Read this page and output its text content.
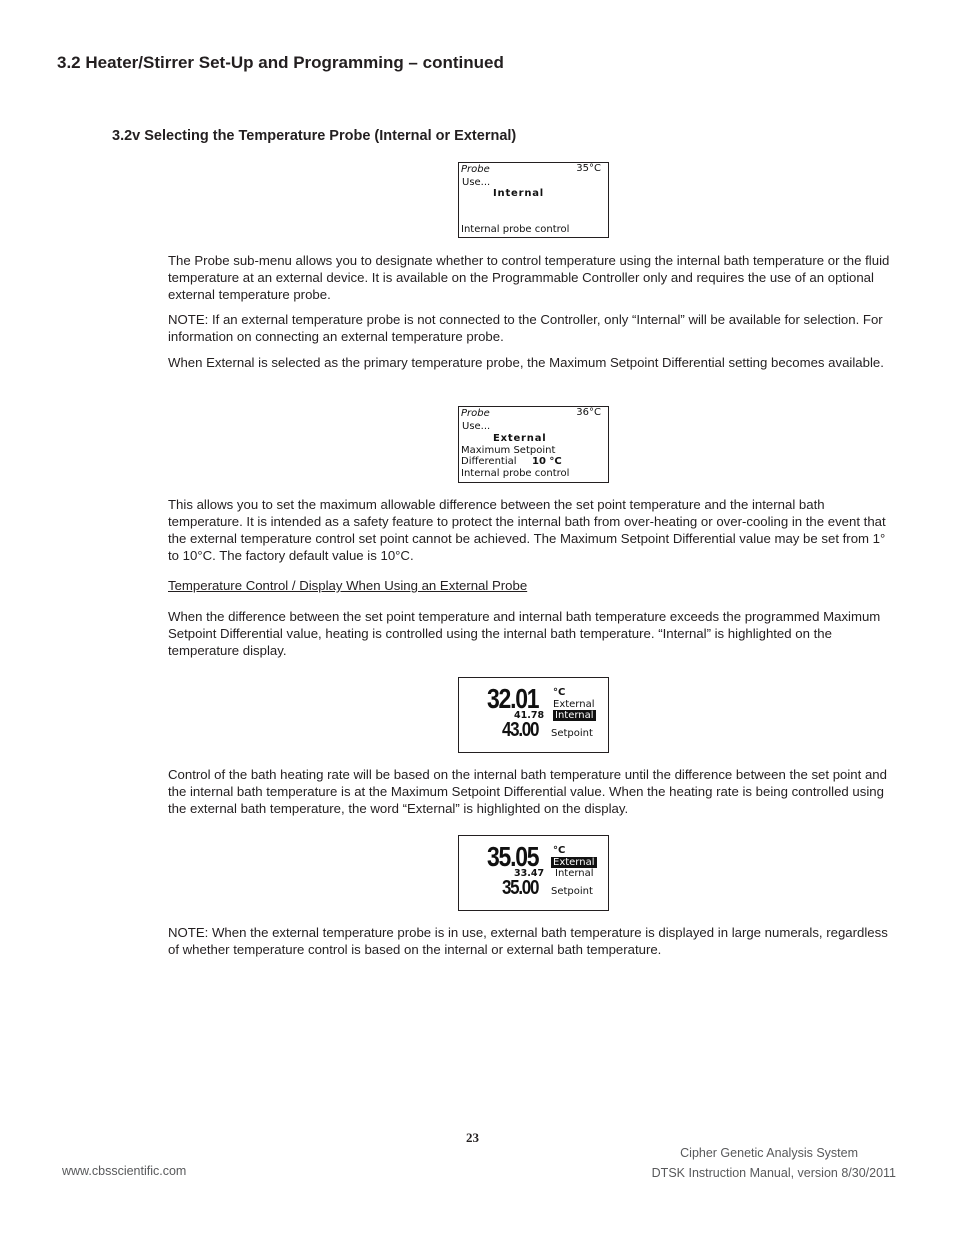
3.2 Heater/Stirrer Set-Up and Programming – continued
3.2v Selecting the Temperature Probe (Internal or External)
Probe	35°C
Use...
Internal
Internal probe control
The Probe sub-menu allows you to designate whether to control temperature using the internal bath temperature or the fluid temperature at an external device. It is available on the Programmable Controller only and requires the use of an optional external temperature probe.
NOTE: If an external temperature probe is not connected to the Controller, only “Internal” will be available for selection. For information on connecting an external temperature probe.
When External is selected as the primary temperature probe, the Maximum Setpoint Differential setting becomes available.
Probe	36°C
Use...
External
Maximum Setpoint
Differential 10 °C
Internal probe control
This allows you to set the maximum allowable difference between the set point temperature and the internal bath temperature. It is intended as a safety feature to protect the internal bath from over-heating or over-cooling in the event that the external temperature control set point cannot be achieved. The Maximum Setpoint Differential value may be set from 1° to 10°C. The factory default value is 10°C.
Temperature Control / Display When Using an External Probe
When the difference between the set point temperature and internal bath temperature exceeds the programmed Maximum Setpoint Differential value, heating is controlled using the internal bath temperature. “Internal” is highlighted on the temperature display.
32.01 °C
External
41.78 Internal
43.00 Setpoint
Control of the bath heating rate will be based on the internal bath temperature until the difference between the set point and the internal bath temperature is at the Maximum Setpoint Differential value. When the heating rate is being controlled using the external bath temperature, the word “External” is highlighted on the display.
35.05 °C
External
33.47 Internal
35.00 Setpoint
NOTE: When the external temperature probe is in use, external bath temperature is displayed in large numerals, regardless of whether temperature control is based on the internal or external bath temperature.
23
Cipher Genetic Analysis System
www.cbsscientific.com	DTSK Instruction Manual, version 8/30/2011
